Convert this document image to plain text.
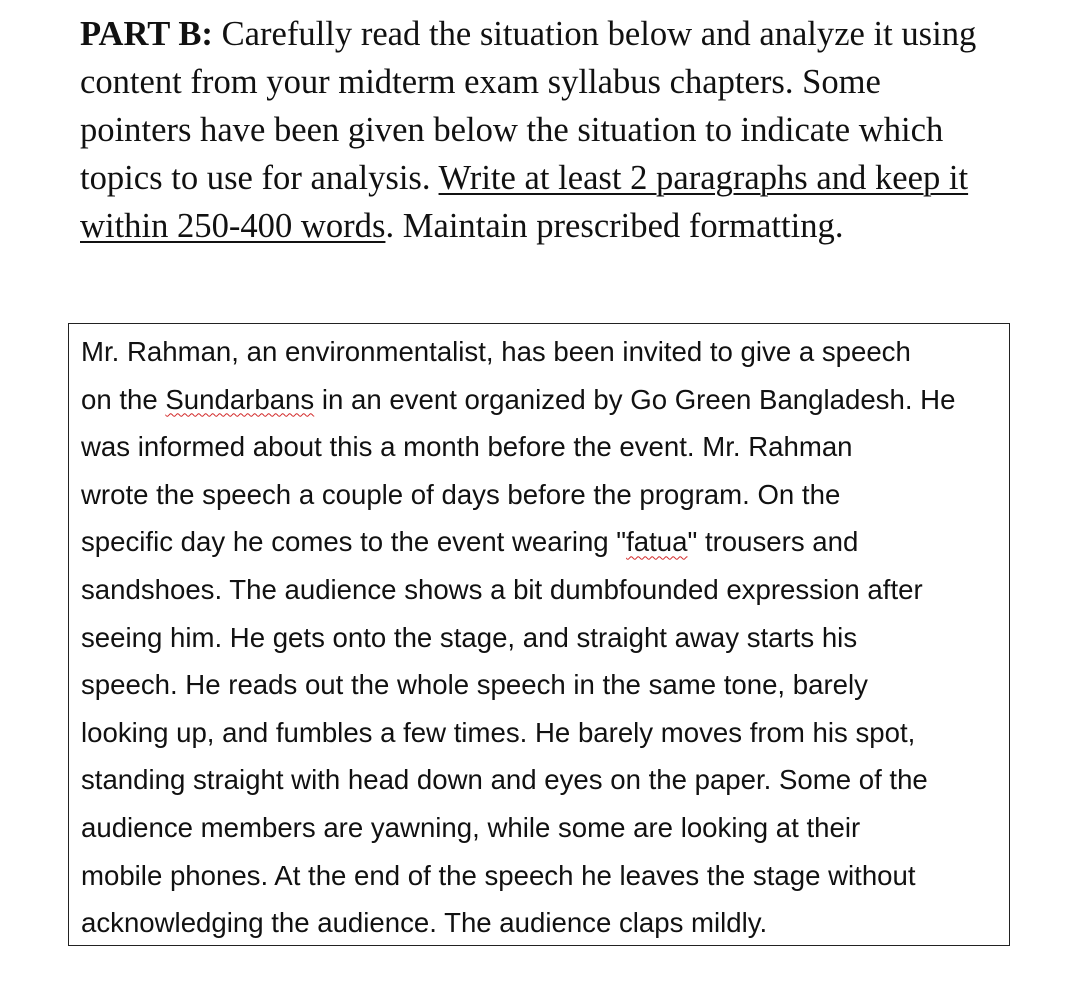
PART B: Carefully read the situation below and analyze it using
content from your midterm exam syllabus chapters. Some
pointers have been given below the situation to indicate which
topics to use for analysis. Write at least 2 paragraphs and keep it
within 250-400 words. Maintain prescribed formatting.
Mr. Rahman, an environmentalist, has been invited to give a speech
on the Sundarbans in an event organized by Go Green Bangladesh. He
was informed about this a month before the event. Mr. Rahman
wrote the speech a couple of days before the program. On the
specific day he comes to the event wearing "fatua" trousers and
sandshoes. The audience shows a bit dumbfounded expression after
seeing him. He gets onto the stage, and straight away starts his
speech. He reads out the whole speech in the same tone, barely
looking up, and fumbles a few times. He barely moves from his spot,
standing straight with head down and eyes on the paper. Some of the
audience members are yawning, while some are looking at their
mobile phones. At the end of the speech he leaves the stage without
acknowledging the audience. The audience claps mildly.
